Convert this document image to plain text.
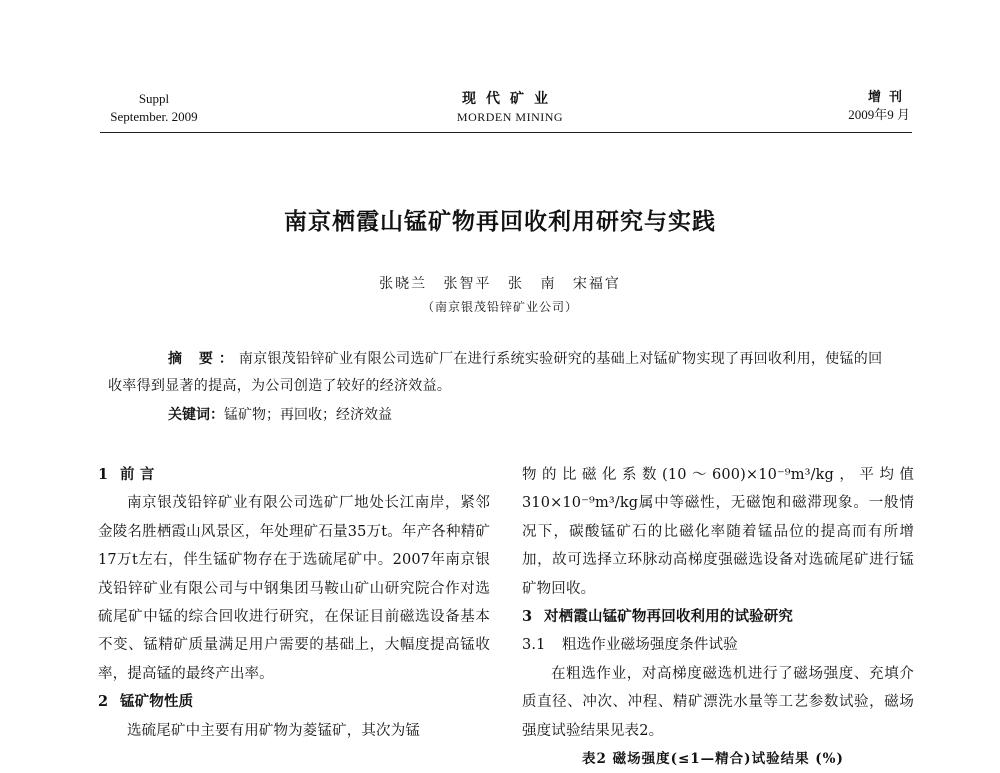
Suppl
September. 2009
现代矿业
MORDEN MINING
增刊
2009年9 月
南京栖霞山锰矿物再回收利用研究与实践
张晓兰 张智平 张 南 宋福官
（南京银茂铅锌矿业公司）
摘 要：南京银茂铅锌矿业有限公司选矿厂在进行系统实验研究的基础上对锰矿物实现了再回收利用，使锰的回收率得到显著的提高，为公司创造了较好的经济效益。
关键词：锰矿物；再回收；经济效益
1 前 言

南京银茂铅锌矿业有限公司选矿厂地处长江南岸，紧邻金陵名胜栖霞山风景区，年处理矿石量35万t。年产各种精矿17万t左右，伴生锰矿物存在于选硫尾矿中。2007年南京银茂铅锌矿业有限公司与中钢集团马鞍山矿山研究院合作对选硫尾矿中锰的综合回收进行研究，在保证目前磁选设备基本不变、锰精矿质量满足用户需要的基础上，大幅度提高锰收率，提高锰的最终产出率。

2 锰矿物性质

选硫尾矿中主要有用矿物为菱锰矿，其次为锰

物的比磁化系数(10～600)×10⁻⁹m³/kg，平均值310×10⁻⁹m³/kg属中等磁性，无磁饱和磁滞现象。一般情况下，碳酸锰矿石的比磁化率随着锰品位的提高而有所增加，故可选择立环脉动高梯度强磁选设备对选硫尾矿进行锰矿物回收。

3 对栖霞山锰矿物再回收利用的试验研究
3.1 粗选作业磁场强度条件试验

在粗选作业，对高梯度磁选机进行了磁场强度、充填介质直径、冲次、冲程、精矿漂洗水量等工艺参数试验，磁场强度试验结果见表2。

表2 磁场强度(≤1—精合)试验结果 (%)
